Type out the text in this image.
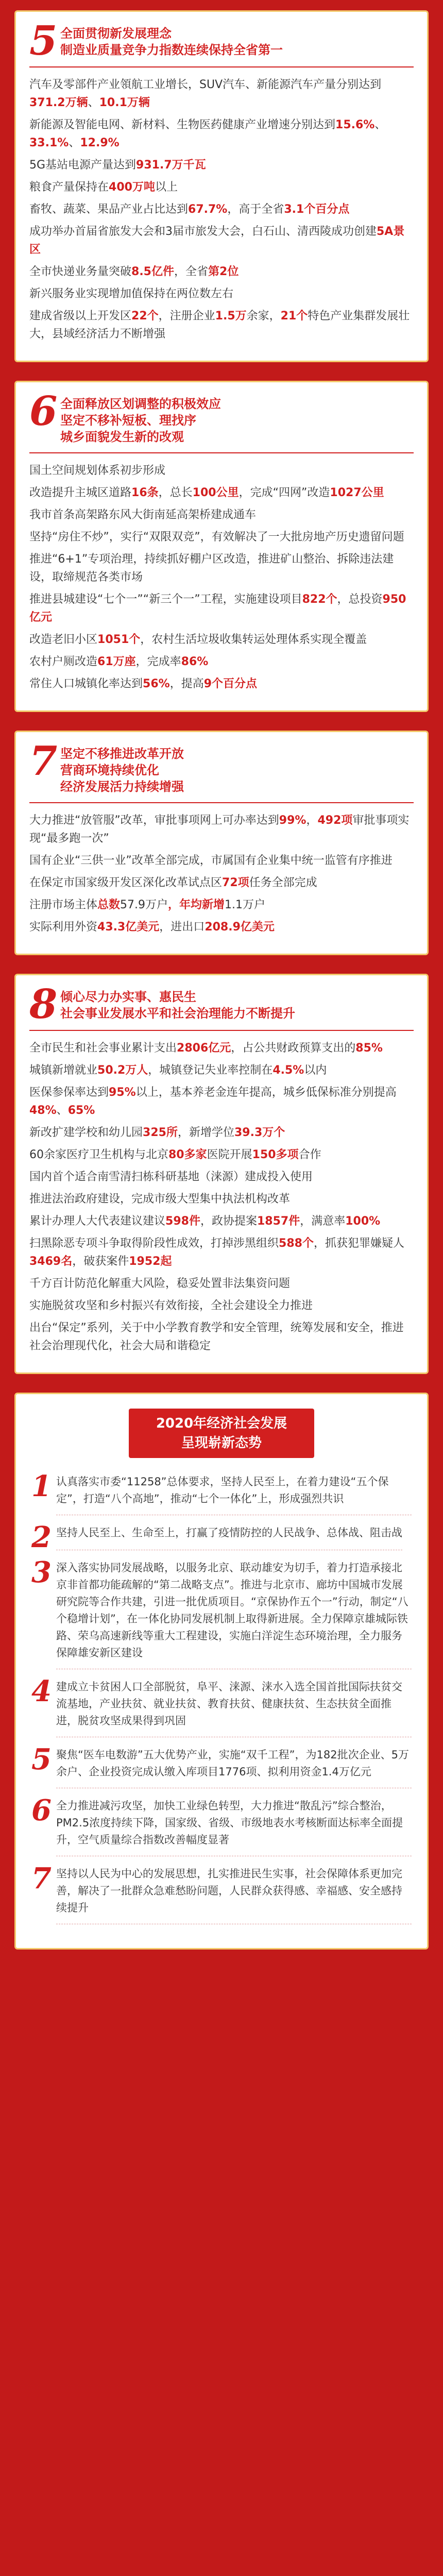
5 全面贯彻新发展理念
制造业质量竞争力指数连续保持全省第一

汽车及零部件产业領航工业增长，SUV汽车、新能源汽车产量分别达到371.2万辆、10.1万辆

新能源及智能电网、新材料、生物医药健康产业增速分别达到15.6%、33.1%、12.9%

5G基站电源产量达到931.7万千瓦

粮食产量保持在400万吨以上

畜牧、蔬菜、果品产业占比达到67.7%，高于全省3.1个百分点

成功举办首届省旅发大会和3届市旅发大会，白石山、清西陵成功创建5A景区

全市快递业务量突破8.5亿件，全省第2位

新兴服务业实现增加值保持在两位数左右

建成省级以上开发区22个，注册企业1.5万余家，21个特色产业集群发展壮大，县域经济活力不断增强

6 全面释放区划调整的积极效应
坚定不移补短板、理找序
城乡面貌发生新的改观

国土空间规划体系初步形成

改造提升主城区道路16条，总长100公里，完成“四网”改造1027公里

我市首条高架路东风大街南延高架桥建成通车

坚持“房住不炒”，实行“双限双竞”，有效解决了一大批房地产历史遗留问题

推进“6+1”专项治理，持续抓好棚户区改造，推进矿山整治、拆除违法建设，取缔规范各类市场

推进县城建设“七个一”“新三个一”工程，实施建设项目822个，总投资950亿元

改造老旧小区1051个，农村生活垃圾收集转运处理体系实现全覆盖

农村户厕改造61万座，完成率86%

常住人口城镇化率达到56%，提高9个百分点

7 坚定不移推进改革开放
营商环境持续优化
经济发展活力持续增强

大力推进“放管服”改革，审批事项网上可办率达到99%，492项审批事项实现“最多跑一次”

国有企业“三供一业”改革全部完成，市属国有企业集中统一监管有序推进

在保定市国家级开发区深化改革试点区72项任务全部完成

注册市场主体总数57.9万户，年均新增1.1万户

实际利用外资43.3亿美元，进出口208.9亿美元

8 倾心尽力办实事、惠民生
社会事业发展水平和社会治理能力不断提升

全市民生和社会事业累计支出2806亿元，占公共财政预算支出的85%

城镇新增就业50.2万人，城镇登记失业率控制在4.5%以内

医保参保率达到95%以上，基本养老金连年提高，城乡低保标准分别提高48%、65%

新改扩建学校和幼儿园325所，新增学位39.3万个

60余家医疗卫生机构与北京80多家医院开展150多项合作

国内首个适合南雪清扫栋科研基地（涞源）建成投入使用

推进法治政府建设，完成市级大型集中执法机构改革

累计办理人大代表建议建议598件，政协提案1857件，满意率100%

扫黑除恶专项斗争取得阶段性成效，打掉涉黑组织588个，抓获犯罪嫌疑人3469名，破获案件1952起

千方百计防范化解重大风险，稳妥处置非法集资问题

实施脱贫攻坚和乡村振兴有效衔接，全社会建设全力推进

出台“保定”系列，关于中小学教育教学和安全管理，统筹发展和安全，推进社会治理现代化，社会大局和谐稳定

2020年经济社会发展
呈现崭新态势
1 认真落实市委“11258”总体要求，坚持人民至上，在着力建设“五个保定”，打造“八个高地”，推动“七个一体化”上，形成强烈共识
2 坚持人民至上、生命至上，打赢了疫情防控的人民战争、总体战、阻击战
3 深入落实协同发展战略，以服务北京、联动雄安为切手，着力打造承接北京非首都功能疏解的“第二战略支点”。推进与北京市、廊坊中国城市发展研究院等合作共建，引进一批优质项目。“京保协作五个一”行动，制定“八个稳增计划”，在一体化协同发展机制上取得新进展。全力保障京雄城际铁路、荣乌高速新线等重大工程建设，实施白洋淀生态环境治理，全力服务保障雄安新区建设
4 建成立卡贫困人口全部脱贫，阜平、涞源、涞水入选全国首批国际扶贫交流基地，产业扶贫、就业扶贫、教育扶贫、健康扶贫、生态扶贫全面推进，脱贫攻坚成果得到巩固
5 聚焦“医车电数游”五大优势产业，实施“双千工程”，为182批次企业、5万余户、企业投资完成认缴入库项目1776项、拟利用资金1.4万亿元
6 全力推进减污攻坚，加快工业绿色转型，大力推进“散乱污”综合整治，PM2.5浓度持续下降，国家级、省级、市级地表水考核断面达标率全面提升，空气质量综合指数改善幅度显著
7 坚持以人民为中心的发展思想，扎实推进民生实事，社会保障体系更加完善，解决了一批群众急难愁盼问题，人民群众获得感、幸福感、安全感持续提升
